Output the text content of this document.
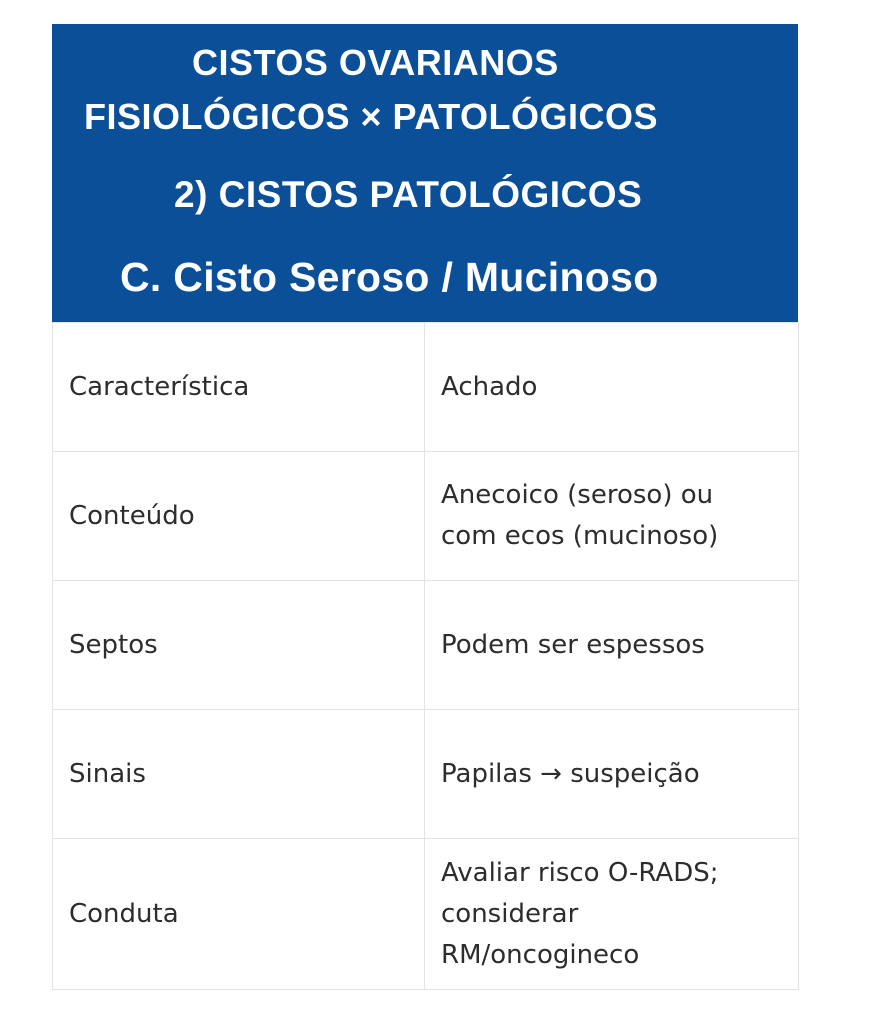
CISTOS OVARIANOS
FISIOLÓGICOS × PATOLÓGICOS
2) CISTOS PATOLÓGICOS
C. Cisto Seroso / Mucinoso
Característica	Achado
Conteúdo	Anecoico (seroso) ou
com ecos (mucinoso)

Septos	Podem ser espessos

Sinais	Papilas → suspeição

Conduta	Avaliar risco O-RADS;
considerar
RM/oncogineco
